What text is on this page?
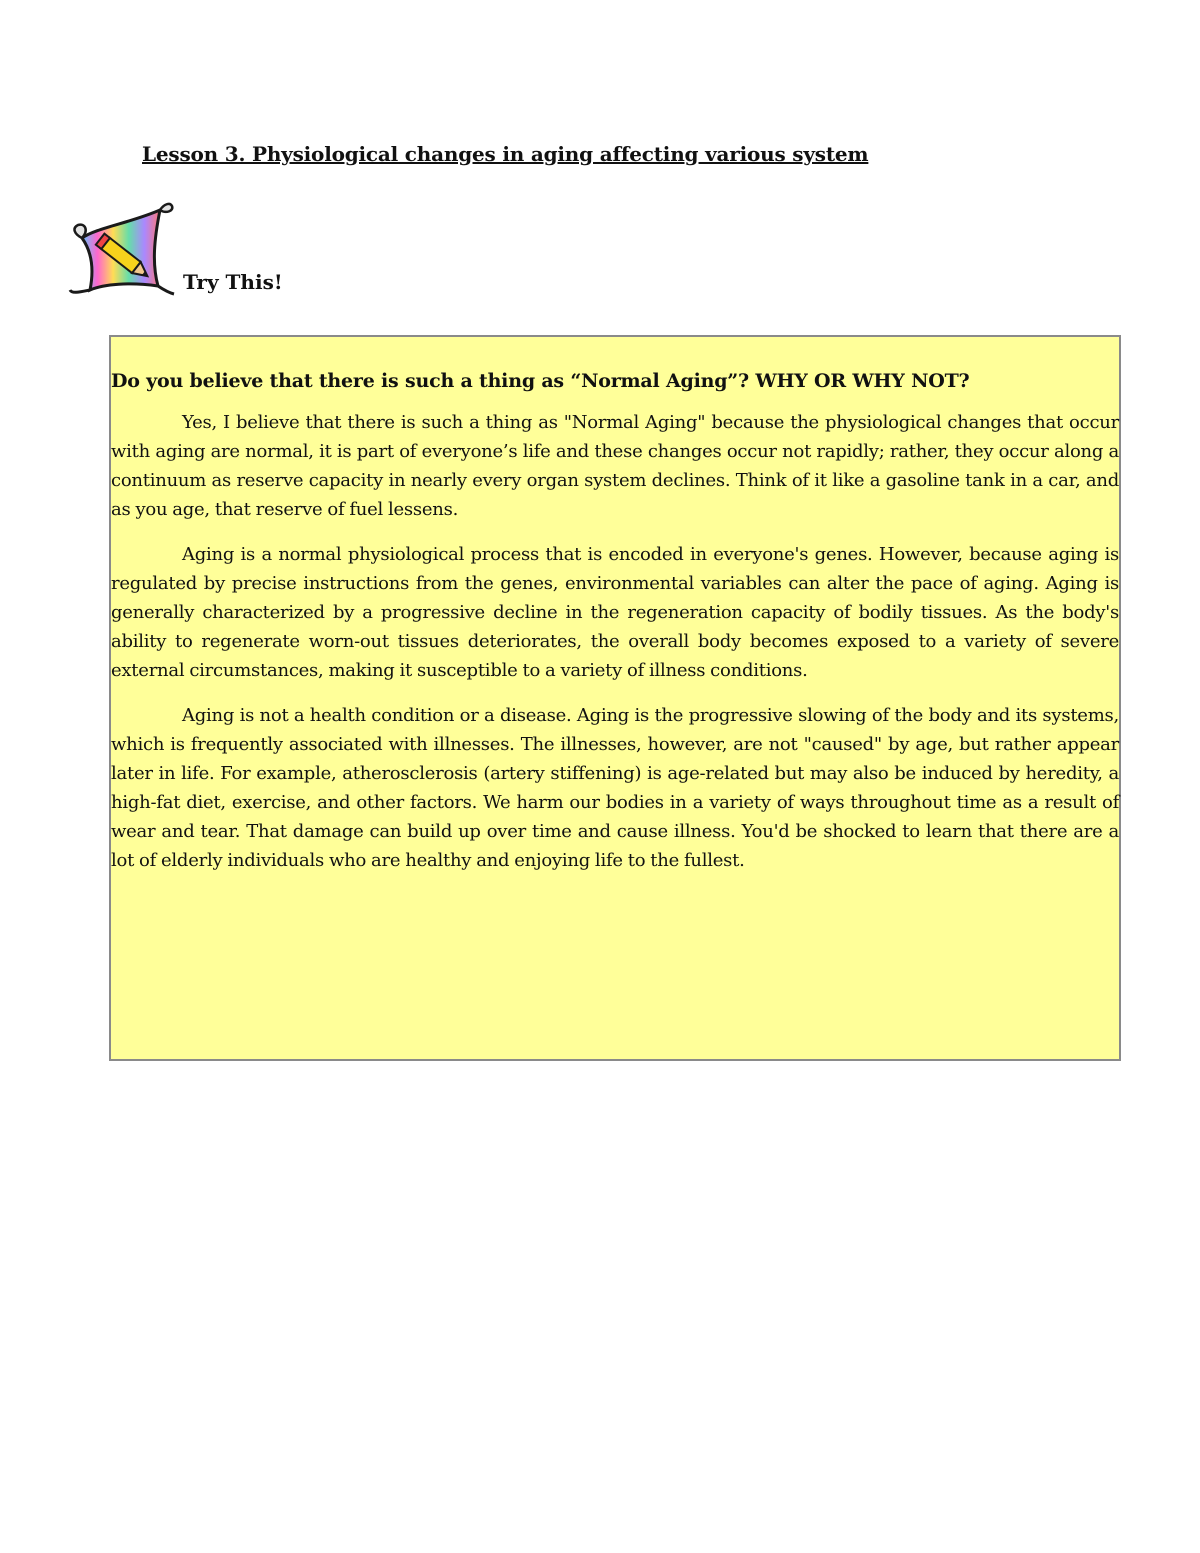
Lesson 3. Physiological changes in aging affecting various system

Try This!

Do you believe that there is such a thing as “Normal Aging”? WHY OR WHY NOT?

Yes, I believe that there is such a thing as "Normal Aging" because the physiological changes that occur with aging are normal, it is part of everyone’s life and these changes occur not rapidly; rather, they occur along a continuum as reserve capacity in nearly every organ system declines. Think of it like a gasoline tank in a car, and as you age, that reserve of fuel lessens.

Aging is a normal physiological process that is encoded in everyone's genes. However, because aging is regulated by precise instructions from the genes, environmental variables can alter the pace of aging. Aging is generally characterized by a progressive decline in the regeneration capacity of bodily tissues. As the body's ability to regenerate worn-out tissues deteriorates, the overall body becomes exposed to a variety of severe external circumstances, making it susceptible to a variety of illness conditions.

Aging is not a health condition or a disease. Aging is the progressive slowing of the body and its systems, which is frequently associated with illnesses. The illnesses, however, are not "caused" by age, but rather appear later in life. For example, atherosclerosis (artery stiffening) is age-related but may also be induced by heredity, a high-fat diet, exercise, and other factors. We harm our bodies in a variety of ways throughout time as a result of wear and tear. That damage can build up over time and cause illness. You'd be shocked to learn that there are a lot of elderly individuals who are healthy and enjoying life to the fullest.
